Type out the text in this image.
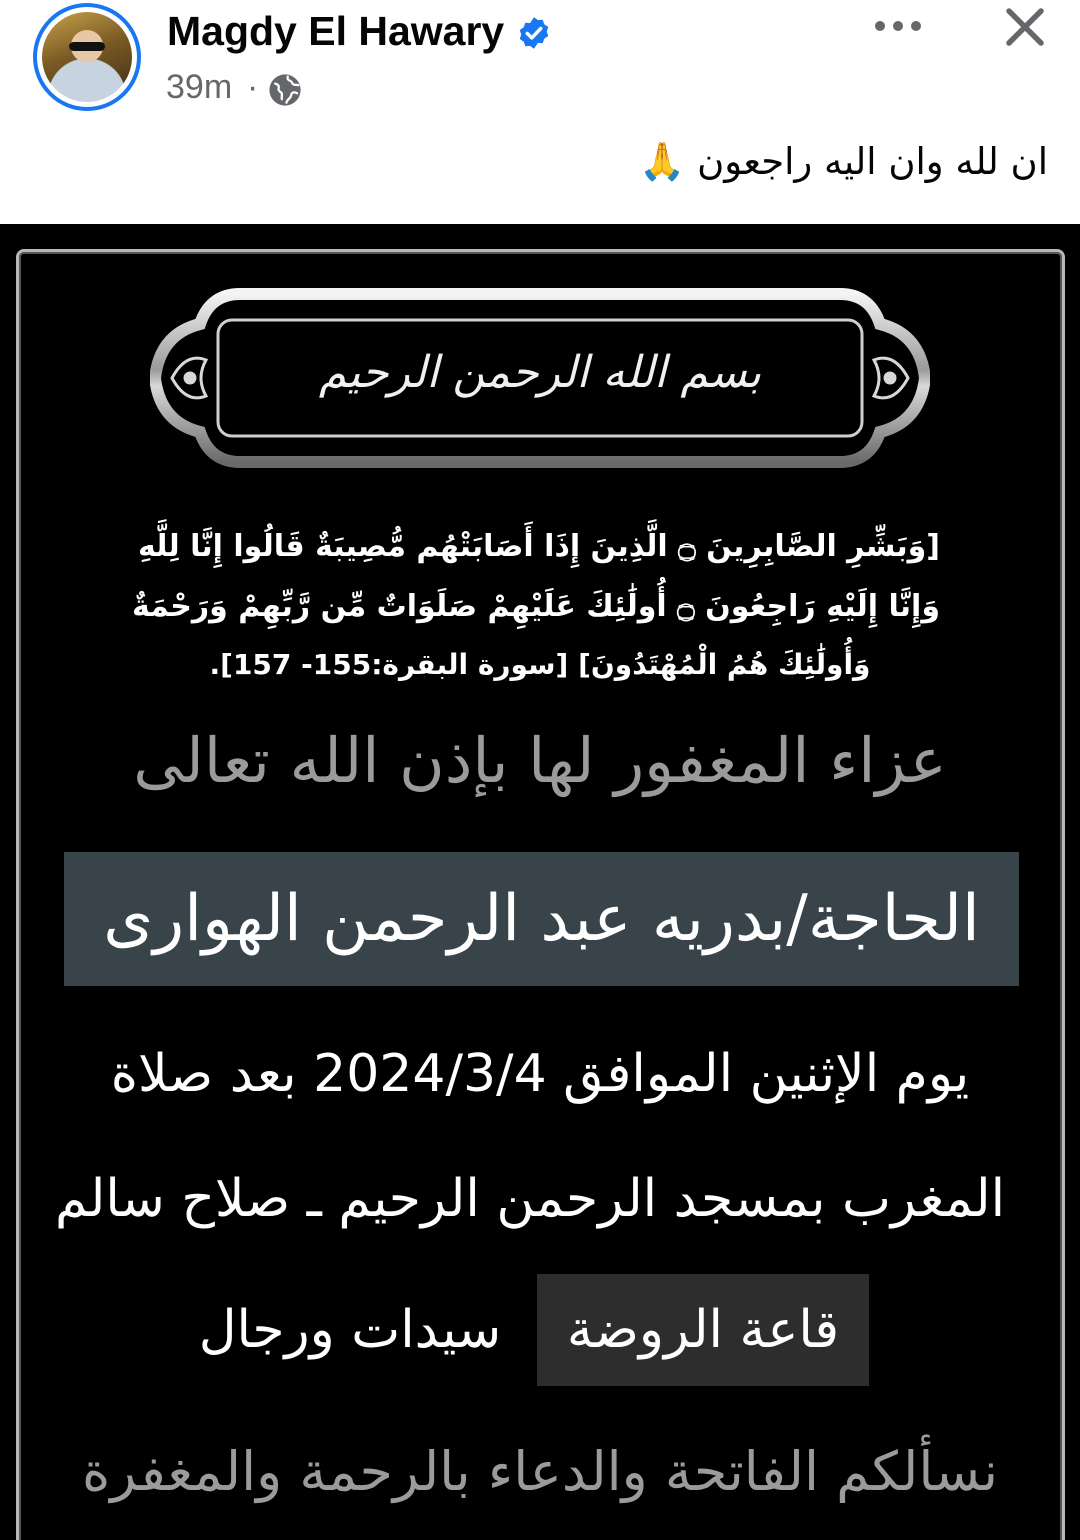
Magdy El Hawary
39m ·
ان لله وان اليه راجعون 🙏
بسم الله الرحمن الرحيم
[وَبَشِّرِ الصَّابِرِينَ ۝ الَّذِينَ إِذَا أَصَابَتْهُم مُّصِيبَةٌ قَالُوا إِنَّا لِلَّهِ
وَإِنَّا إِلَيْهِ رَاجِعُونَ ۝ أُولَٰئِكَ عَلَيْهِمْ صَلَوَاتٌ مِّن رَّبِّهِمْ وَرَحْمَةٌ
وَأُولَٰئِكَ هُمُ الْمُهْتَدُونَ] [سورة البقرة:155- 157].
عزاء المغفور لها بإذن الله تعالى
الحاجة/بدريه عبد الرحمن الهوارى
يوم الإثنين الموافق 2024/3/4 بعد صلاة
المغرب بمسجد الرحمن الرحيم ـ صلاح سالم
قاعة الروضة
سيدات ورجال
نسألكم الفاتحة والدعاء بالرحمة والمغفرة
